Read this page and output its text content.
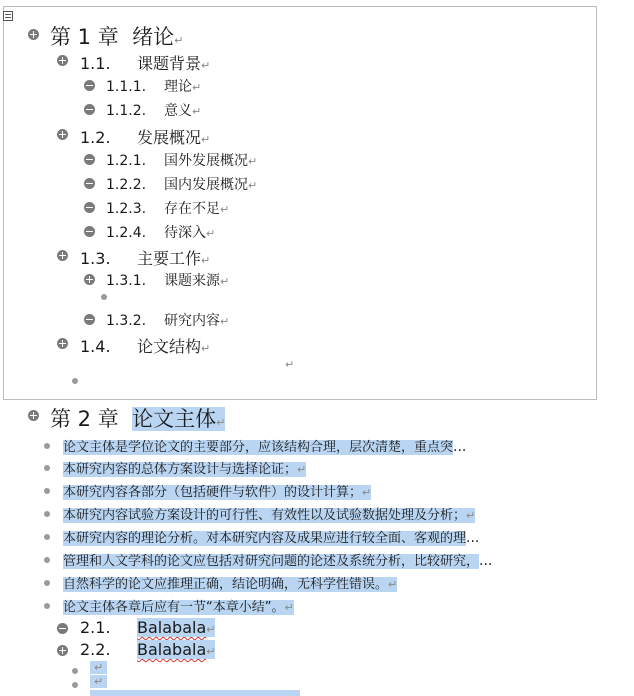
第 1 章 绪论↵
1.1. 课题背景↵
1.1.1. 理论↵
1.1.2. 意义↵
1.2. 发展概况↵
1.2.1. 国外发展概况↵
1.2.2. 国内发展概况↵
1.2.3. 存在不足↵
1.2.4. 待深入↵
1.3. 主要工作↵
1.3.1. 课题来源↵
1.3.2. 研究内容↵
1.4. 论文结构↵
↵
第 2 章 论文主体↵
论文主体是学位论文的主要部分，应该结构合理，层次清楚，重点突...
本研究内容的总体方案设计与选择论证；↵
本研究内容各部分（包括硬件与软件）的设计计算；↵
本研究内容试验方案设计的可行性、有效性以及试验数据处理及分析；↵
本研究内容的理论分析。对本研究内容及成果应进行较全面、客观的理...
管理和人文学科的论文应包括对研究问题的论述及系统分析，比较研究，...
自然科学的论文应推理正确，结论明确，无科学性错误。↵
论文主体各章后应有一节“本章小结”。↵
2.1. Balabala↵
2.2. Balabala↵
↵
↵
